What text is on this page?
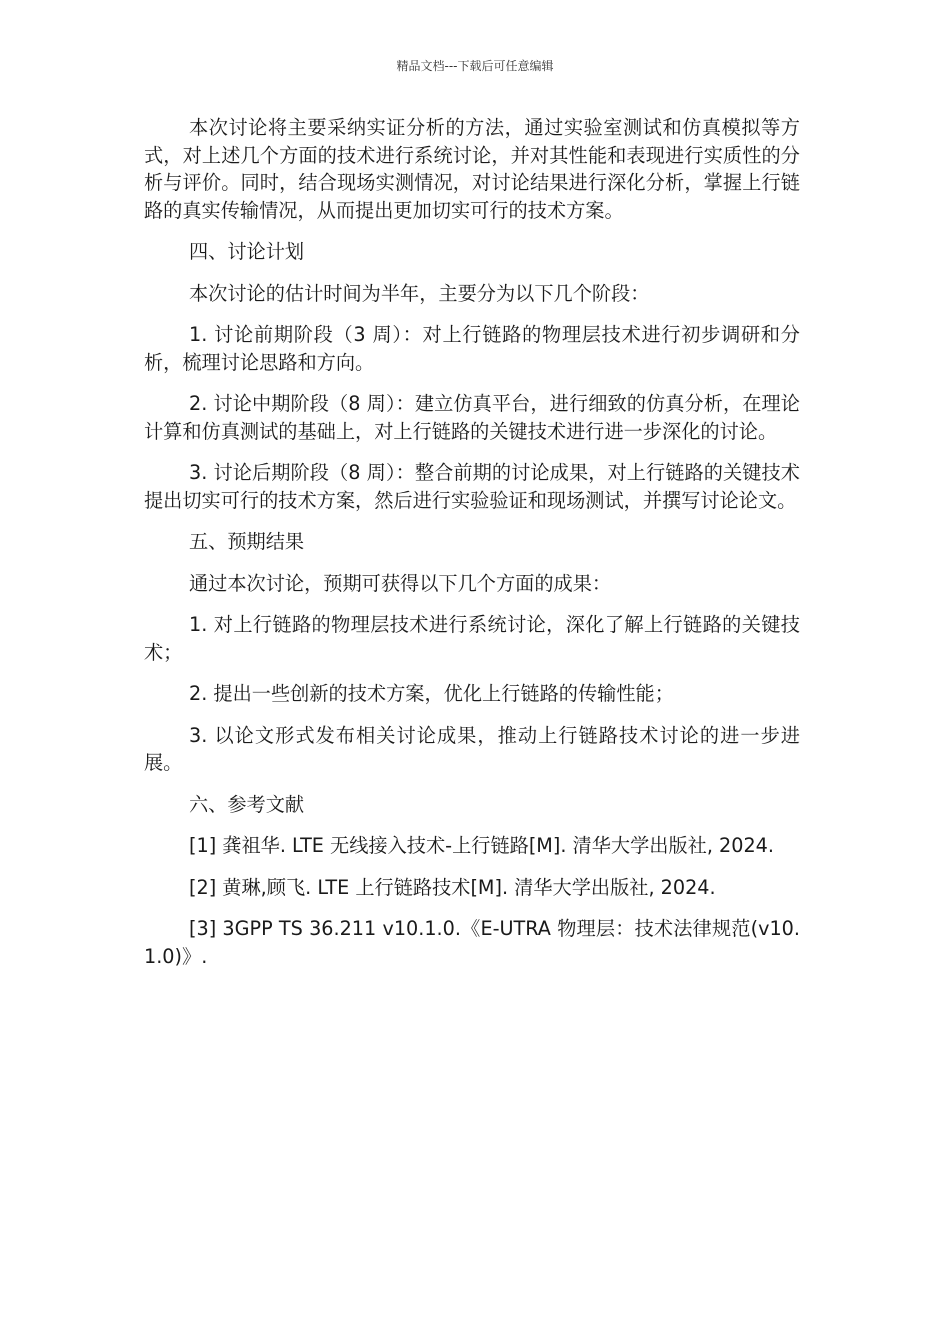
精品文档---下载后可任意编辑

本次讨论将主要采纳实证分析的方法，通过实验室测试和仿真模拟等方式，对上述几个方面的技术进行系统讨论，并对其性能和表现进行实质性的分析与评价。同时，结合现场实测情况，对讨论结果进行深化分析，掌握上行链路的真实传输情况，从而提出更加切实可行的技术方案。

四、讨论计划

本次讨论的估计时间为半年，主要分为以下几个阶段：

1. 讨论前期阶段（3 周）：对上行链路的物理层技术进行初步调研和分析，梳理讨论思路和方向。

2. 讨论中期阶段（8 周）：建立仿真平台，进行细致的仿真分析，在理论计算和仿真测试的基础上，对上行链路的关键技术进行进一步深化的讨论。

3. 讨论后期阶段（8 周）：整合前期的讨论成果，对上行链路的关键技术提出切实可行的技术方案，然后进行实验验证和现场测试，并撰写讨论论文。

五、预期结果

通过本次讨论，预期可获得以下几个方面的成果：

1. 对上行链路的物理层技术进行系统讨论，深化了解上行链路的关键技术；

2. 提出一些创新的技术方案，优化上行链路的传输性能；

3. 以论文形式发布相关讨论成果，推动上行链路技术讨论的进一步进展。

六、参考文献

[1] 龚祖华. LTE 无线接入技术-上行链路[M]. 清华大学出版社, 2024.

[2] 黄琳,顾飞. LTE 上行链路技术[M]. 清华大学出版社, 2024.

[3] 3GPP TS 36.211 v10.1.0.《E-UTRA 物理层：技术法律规范(v10.1.0)》.
